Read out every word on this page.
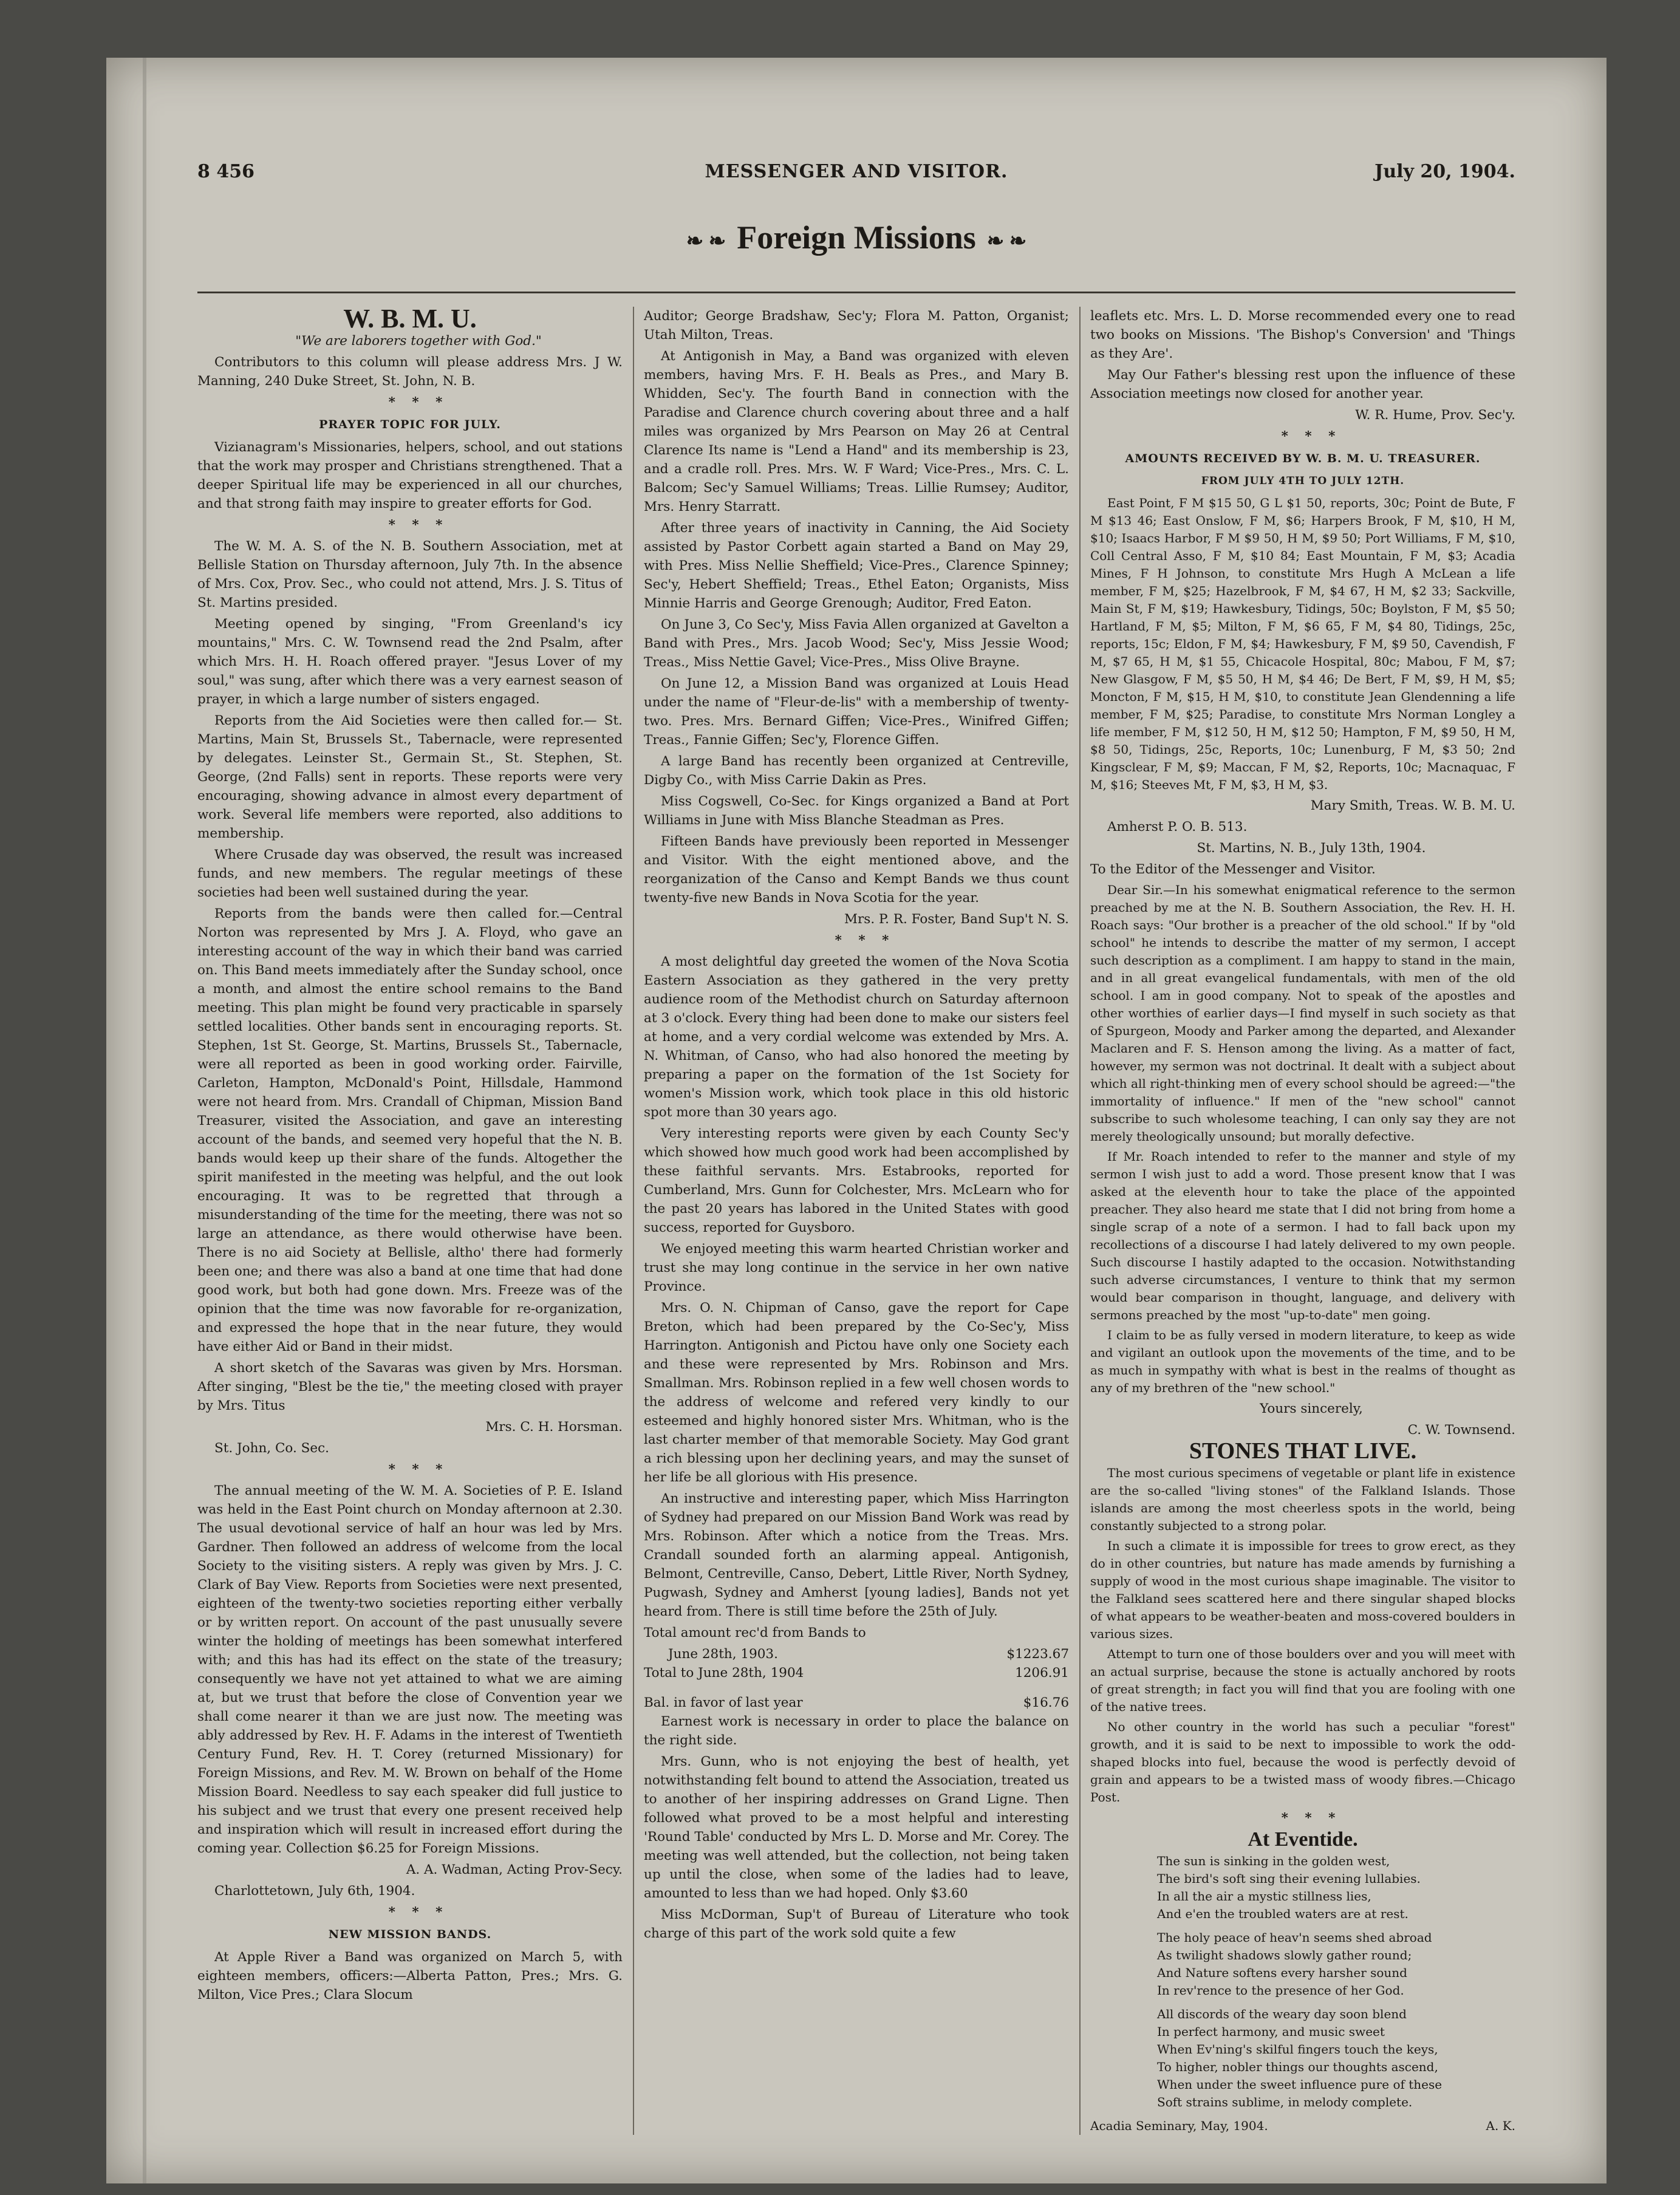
8 456	MESSENGER AND VISITOR.	July 20, 1904.
❧ ❧ Foreign Missions ❧ ❧
W. B. M. U.

"We are laborers together with God."

Contributors to this column will please address Mrs. J W. Manning, 240 Duke Street, St. John, N. B.

* * *

PRAYER TOPIC FOR JULY.

Vizianagram's Missionaries, helpers, school, and out stations that the work may prosper and Christians strengthened. That a deeper Spiritual life may be experienced in all our churches, and that strong faith may inspire to greater efforts for God.

* * *

The W. M. A. S. of the N. B. Southern Association, met at Bellisle Station on Thursday afternoon, July 7th. In the absence of Mrs. Cox, Prov. Sec., who could not attend, Mrs. J. S. Titus of St. Martins presided.

Meeting opened by singing, "From Greenland's icy mountains," Mrs. C. W. Townsend read the 2nd Psalm, after which Mrs. H. H. Roach offered prayer. "Jesus Lover of my soul," was sung, after which there was a very earnest season of prayer, in which a large number of sisters engaged.

Reports from the Aid Societies were then called for.— St. Martins, Main St, Brussels St., Tabernacle, were represented by delegates. Leinster St., Germain St., St. Stephen, St. George, (2nd Falls) sent in reports. These reports were very encouraging, showing advance in almost every department of work. Several life members were reported, also additions to membership.

Where Crusade day was observed, the result was increased funds, and new members. The regular meetings of these societies had been well sustained during the year.

Reports from the bands were then called for.—Central Norton was represented by Mrs J. A. Floyd, who gave an interesting account of the way in which their band was carried on. This Band meets immediately after the Sunday school, once a month, and almost the entire school remains to the Band meeting. This plan might be found very practicable in sparsely settled localities. Other bands sent in encouraging reports. St. Stephen, 1st St. George, St. Martins, Brussels St., Tabernacle, were all reported as been in good working order. Fairville, Carleton, Hampton, McDonald's Point, Hillsdale, Hammond were not heard from. Mrs. Crandall of Chipman, Mission Band Treasurer, visited the Association, and gave an interesting account of the bands, and seemed very hopeful that the N. B. bands would keep up their share of the funds. Altogether the spirit manifested in the meeting was helpful, and the out look encouraging. It was to be regretted that through a misunderstanding of the time for the meeting, there was not so large an attendance, as there would otherwise have been. There is no aid Society at Bellisle, altho' there had formerly been one; and there was also a band at one time that had done good work, but both had gone down. Mrs. Freeze was of the opinion that the time was now favorable for re-organization, and expressed the hope that in the near future, they would have either Aid or Band in their midst.

A short sketch of the Savaras was given by Mrs. Horsman. After singing, "Blest be the tie," the meeting closed with prayer by Mrs. Titus

Mrs. C. H. Horsman.

St. John, Co. Sec.

* * *

The annual meeting of the W. M. A. Societies of P. E. Island was held in the East Point church on Monday afternoon at 2.30. The usual devotional service of half an hour was led by Mrs. Gardner. Then followed an address of welcome from the local Society to the visiting sisters. A reply was given by Mrs. J. C. Clark of Bay View. Reports from Societies were next presented, eighteen of the twenty-two societies reporting either verbally or by written report. On account of the past unusually severe winter the holding of meetings has been somewhat interfered with; and this has had its effect on the state of the treasury; consequently we have not yet attained to what we are aiming at, but we trust that before the close of Convention year we shall come nearer it than we are just now. The meeting was ably addressed by Rev. H. F. Adams in the interest of Twentieth Century Fund, Rev. H. T. Corey (returned Missionary) for Foreign Missions, and Rev. M. W. Brown on behalf of the Home Mission Board. Needless to say each speaker did full justice to his subject and we trust that every one present received help and inspiration which will result in increased effort during the coming year. Collection $6.25 for Foreign Missions.

A. A. Wadman, Acting Prov-Secy.

Charlottetown, July 6th, 1904.

* * *

NEW MISSION BANDS.

At Apple River a Band was organized on March 5, with eighteen members, officers:—Alberta Patton, Pres.; Mrs. G. Milton, Vice Pres.; Clara Slocum

Auditor; George Bradshaw, Sec'y; Flora M. Patton, Organist; Utah Milton, Treas.

At Antigonish in May, a Band was organized with eleven members, having Mrs. F. H. Beals as Pres., and Mary B. Whidden, Sec'y. The fourth Band in connection with the Paradise and Clarence church covering about three and a half miles was organized by Mrs Pearson on May 26 at Central Clarence Its name is "Lend a Hand" and its membership is 23, and a cradle roll. Pres. Mrs. W. F Ward; Vice-Pres., Mrs. C. L. Balcom; Sec'y Samuel Williams; Treas. Lillie Rumsey; Auditor, Mrs. Henry Starratt.

After three years of inactivity in Canning, the Aid Society assisted by Pastor Corbett again started a Band on May 29, with Pres. Miss Nellie Sheffield; Vice-Pres., Clarence Spinney; Sec'y, Hebert Sheffield; Treas., Ethel Eaton; Organists, Miss Minnie Harris and George Grenough; Auditor, Fred Eaton.

On June 3, Co Sec'y, Miss Favia Allen organized at Gavelton a Band with Pres., Mrs. Jacob Wood; Sec'y, Miss Jessie Wood; Treas., Miss Nettie Gavel; Vice-Pres., Miss Olive Brayne.

On June 12, a Mission Band was organized at Louis Head under the name of "Fleur-de-lis" with a membership of twenty-two. Pres. Mrs. Bernard Giffen; Vice-Pres., Winifred Giffen; Treas., Fannie Giffen; Sec'y, Florence Giffen.

A large Band has recently been organized at Centreville, Digby Co., with Miss Carrie Dakin as Pres.

Miss Cogswell, Co-Sec. for Kings organized a Band at Port Williams in June with Miss Blanche Steadman as Pres.

Fifteen Bands have previously been reported in Messenger and Visitor. With the eight mentioned above, and the reorganization of the Canso and Kempt Bands we thus count twenty-five new Bands in Nova Scotia for the year.

Mrs. P. R. Foster, Band Sup't N. S.

* * *

A most delightful day greeted the women of the Nova Scotia Eastern Association as they gathered in the very pretty audience room of the Methodist church on Saturday afternoon at 3 o'clock. Every thing had been done to make our sisters feel at home, and a very cordial welcome was extended by Mrs. A. N. Whitman, of Canso, who had also honored the meeting by preparing a paper on the formation of the 1st Society for women's Mission work, which took place in this old historic spot more than 30 years ago.

Very interesting reports were given by each County Sec'y which showed how much good work had been accomplished by these faithful servants. Mrs. Estabrooks, reported for Cumberland, Mrs. Gunn for Colchester, Mrs. McLearn who for the past 20 years has labored in the United States with good success, reported for Guysboro.

We enjoyed meeting this warm hearted Christian worker and trust she may long continue in the service in her own native Province.

Mrs. O. N. Chipman of Canso, gave the report for Cape Breton, which had been prepared by the Co-Sec'y, Miss Harrington. Antigonish and Pictou have only one Society each and these were represented by Mrs. Robinson and Mrs. Smallman. Mrs. Robinson replied in a few well chosen words to the address of welcome and refered very kindly to our esteemed and highly honored sister Mrs. Whitman, who is the last charter member of that memorable Society. May God grant a rich blessing upon her declining years, and may the sunset of her life be all glorious with His presence.

An instructive and interesting paper, which Miss Harrington of Sydney had prepared on our Mission Band Work was read by Mrs. Robinson. After which a notice from the Treas. Mrs. Crandall sounded forth an alarming appeal. Antigonish, Belmont, Centreville, Canso, Debert, Little River, North Sydney, Pugwash, Sydney and Amherst [young ladies], Bands not yet heard from. There is still time before the 25th of July.

Total amount rec'd from Bands to

June 28th, 1903.	$1223.67
Total to June 28th, 1904	1206.91
Bal. in favor of last year	$16.76

Earnest work is necessary in order to place the balance on the right side.

Mrs. Gunn, who is not enjoying the best of health, yet notwithstanding felt bound to attend the Association, treated us to another of her inspiring addresses on Grand Ligne. Then followed what proved to be a most helpful and interesting 'Round Table' conducted by Mrs L. D. Morse and Mr. Corey. The meeting was well attended, but the collection, not being taken up until the close, when some of the ladies had to leave, amounted to less than we had hoped. Only $3.60

Miss McDorman, Sup't of Bureau of Literature who took charge of this part of the work sold quite a few

leaflets etc. Mrs. L. D. Morse recommended every one to read two books on Missions. 'The Bishop's Conversion' and 'Things as they Are'.

May Our Father's blessing rest upon the influence of these Association meetings now closed for another year.

W. R. Hume, Prov. Sec'y.

* * *

AMOUNTS RECEIVED BY W. B. M. U. TREASURER.
FROM JULY 4TH TO JULY 12TH.

East Point, F M $15 50, G L $1 50, reports, 30c; Point de Bute, F M $13 46; East Onslow, F M, $6; Harpers Brook, F M, $10, H M, $10; Isaacs Harbor, F M $9 50, H M, $9 50; Port Williams, F M, $10, Coll Central Asso, F M, $10 84; East Mountain, F M, $3; Acadia Mines, F H Johnson, to constitute Mrs Hugh A McLean a life member, F M, $25; Hazelbrook, F M, $4 67, H M, $2 33; Sackville, Main St, F M, $19; Hawkesbury, Tidings, 50c; Boylston, F M, $5 50; Hartland, F M, $5; Milton, F M, $6 65, F M, $4 80, Tidings, 25c, reports, 15c; Eldon, F M, $4; Hawkesbury, F M, $9 50, Cavendish, F M, $7 65, H M, $1 55, Chicacole Hospital, 80c; Mabou, F M, $7; New Glasgow, F M, $5 50, H M, $4 46; De Bert, F M, $9, H M, $5; Moncton, F M, $15, H M, $10, to constitute Jean Glendenning a life member, F M, $25; Paradise, to constitute Mrs Norman Longley a life member, F M, $12 50, H M, $12 50; Hampton, F M, $9 50, H M, $8 50, Tidings, 25c, Reports, 10c; Lunenburg, F M, $3 50; 2nd Kingsclear, F M, $9; Maccan, F M, $2, Reports, 10c; Macnaquac, F M, $16; Steeves Mt, F M, $3, H M, $3.

Mary Smith, Treas. W. B. M. U.

Amherst P. O. B. 513.

St. Martins, N. B., July 13th, 1904.

To the Editor of the Messenger and Visitor.

Dear Sir.—In his somewhat enigmatical reference to the sermon preached by me at the N. B. Southern Association, the Rev. H. H. Roach says: "Our brother is a preacher of the old school." If by "old school" he intends to describe the matter of my sermon, I accept such description as a compliment. I am happy to stand in the main, and in all great evangelical fundamentals, with men of the old school. I am in good company. Not to speak of the apostles and other worthies of earlier days—I find myself in such society as that of Spurgeon, Moody and Parker among the departed, and Alexander Maclaren and F. S. Henson among the living. As a matter of fact, however, my sermon was not doctrinal. It dealt with a subject about which all right-thinking men of every school should be agreed:—"the immortality of influence." If men of the "new school" cannot subscribe to such wholesome teaching, I can only say they are not merely theologically unsound; but morally defective.

If Mr. Roach intended to refer to the manner and style of my sermon I wish just to add a word. Those present know that I was asked at the eleventh hour to take the place of the appointed preacher. They also heard me state that I did not bring from home a single scrap of a note of a sermon. I had to fall back upon my recollections of a discourse I had lately delivered to my own people. Such discourse I hastily adapted to the occasion. Notwithstanding such adverse circumstances, I venture to think that my sermon would bear comparison in thought, language, and delivery with sermons preached by the most "up-to-date" men going.

I claim to be as fully versed in modern literature, to keep as wide and vigilant an outlook upon the movements of the time, and to be as much in sympathy with what is best in the realms of thought as any of my brethren of the "new school."

Yours sincerely,

C. W. Townsend.

STONES THAT LIVE.

The most curious specimens of vegetable or plant life in existence are the so-called "living stones" of the Falkland Islands. Those islands are among the most cheerless spots in the world, being constantly subjected to a strong polar.

In such a climate it is impossible for trees to grow erect, as they do in other countries, but nature has made amends by furnishing a supply of wood in the most curious shape imaginable. The visitor to the Falkland sees scattered here and there singular shaped blocks of what appears to be weather-beaten and moss-covered boulders in various sizes.

Attempt to turn one of those boulders over and you will meet with an actual surprise, because the stone is actually anchored by roots of great strength; in fact you will find that you are fooling with one of the native trees.

No other country in the world has such a peculiar "forest" growth, and it is said to be next to impossible to work the odd-shaped blocks into fuel, because the wood is perfectly devoid of grain and appears to be a twisted mass of woody fibres.—Chicago Post.

* * *

At Eventide.
The sun is sinking in the golden west,
The bird's soft sing their evening lullabies.
In all the air a mystic stillness lies,
And e'en the troubled waters are at rest.
The holy peace of heav'n seems shed abroad
As twilight shadows slowly gather round;
And Nature softens every harsher sound
In rev'rence to the presence of her God.
All discords of the weary day soon blend
In perfect harmony, and music sweet
When Ev'ning's skilful fingers touch the keys,
To higher, nobler things our thoughts ascend,
When under the sweet influence pure of these
Soft strains sublime, in melody complete.
Acadia Seminary, May, 1904.	A. K.
